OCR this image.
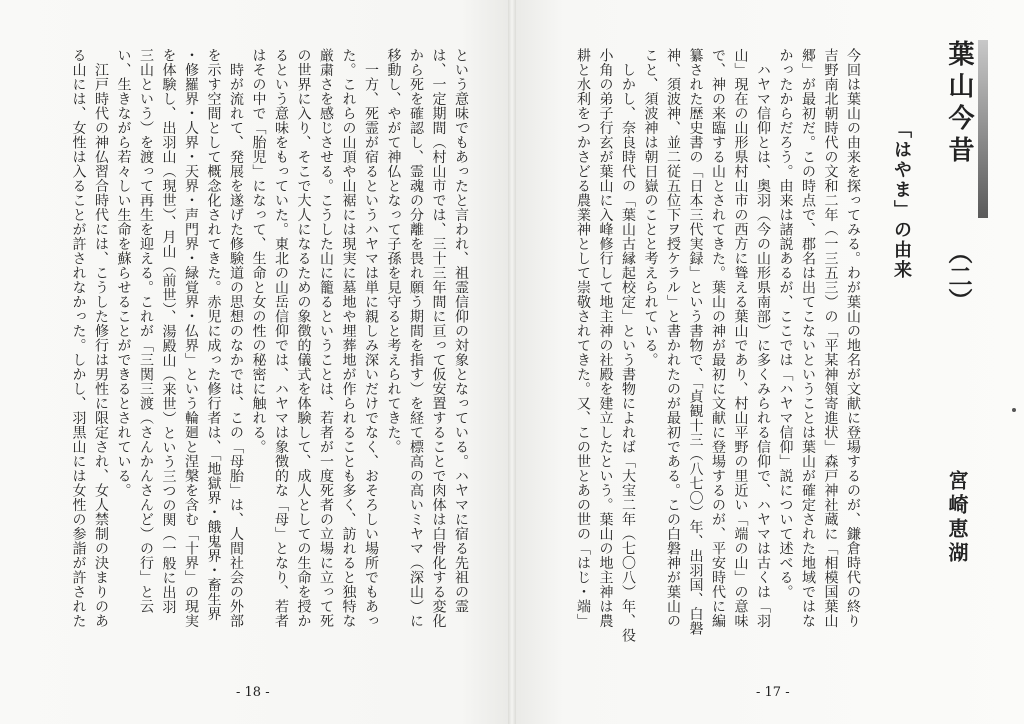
という意味でもあったと言われ、祖霊信仰の対象となっている。ハヤマに宿る先祖の霊
は、一定期間（村山市では、三十三年間に亘って仮安置することで肉体は白骨化する変化
から死を確認し、霊魂の分離を畏れ願う期間を指す）を経て標高の高いミヤマ（深山）に
移動し、やがて神仏となって子孫を見守ると考えられてきた。
　一方、死霊が宿るというハヤマは単に親しみ深いだけでなく、おそろしい場所でもあっ
た。これらの山頂や山裾には現実に墓地や埋葬地が作られることも多く、訪れると独特な
厳粛さを感じさせる。こうした山に籠るということは、若者が一度死者の立場に立って死
の世界に入り、そこで大人になるための象徴的儀式を体験して、成人としての生命を授か
るという意味をもっていた。東北の山岳信仰では、ハヤマは象徴的な「母」となり、若者
はその中で「胎児」になって、生命と女の性の秘密に触れる。
　時が流れて、発展を遂げた修験道の思想のなかでは、この「母胎」は、人間社会の外部
を示す空間として概念化されてきた。赤児に成った修行者は、「地獄界・餓鬼界・畜生界
・修羅界・人界・天界・声門界・緑覚界・仏界」という輪廻と涅槃を含む「十界」の現実
を体験し、出羽山（現世）、月山（前世）、湯殿山（来世）という三つの関（一般に出羽
三山という）を渡って再生を迎える。これが「三関三渡（さんかんさんど）の行」と云
い、生きながら若々しい生命を蘇らせることができるとされている。
　江戸時代の神仏習合時代には、こうした修行は男性に限定され、女人禁制の決まりのあ
る山には、女性は入ることが許されなかった。しかし、羽黒山には女性の参詣が許された
- 18 -
葉山今昔
（二）
「はやま」の由来
宮崎恵湖
今回は葉山の由来を探ってみる。わが葉山の地名が文献に登場するのが、鎌倉時代の終り
吉野南北朝時代の文和二年（一三五三）の「平某神領寄進状」森戸神社蔵に「相模国葉山
郷」が最初だ。この時点で、郡名は出てこないということは葉山が確定された地域ではな
かったからだろう。由来は諸説あるが、ここでは「ハヤマ信仰」説について述べる。
　ハヤマ信仰とは、奥羽（今の山形県南部）に多くみられる信仰で、ハヤマは古くは「羽
山」現在の山形県村山市の西方に聳える葉山であり、村山平野の里近い「端の山」の意味
で、神の来臨する山とされてきた。葉山の神が最初に文献に登場するのが、平安時代に編
纂された歴史書の「日本三代実録」という書物で、「貞観十三（八七〇）年、出羽国、白磐
神、須波神、並二従五位下ヲ授ケラル」と書かれたのが最初である。この白磐神が葉山の
こと、須波神は朝日嶽のことと考えられている。
　しかし、奈良時代の「葉山古縁起校定」という書物によれば「大宝二年（七〇八）年、役
小角の弟子行玄が葉山に入峰修行して地主神の社殿を建立したという。葉山の地主神は農
耕と水利をつかさどる農業神として崇敬されてきた。又、この世とあの世の「はじ・端」
- 17 -
